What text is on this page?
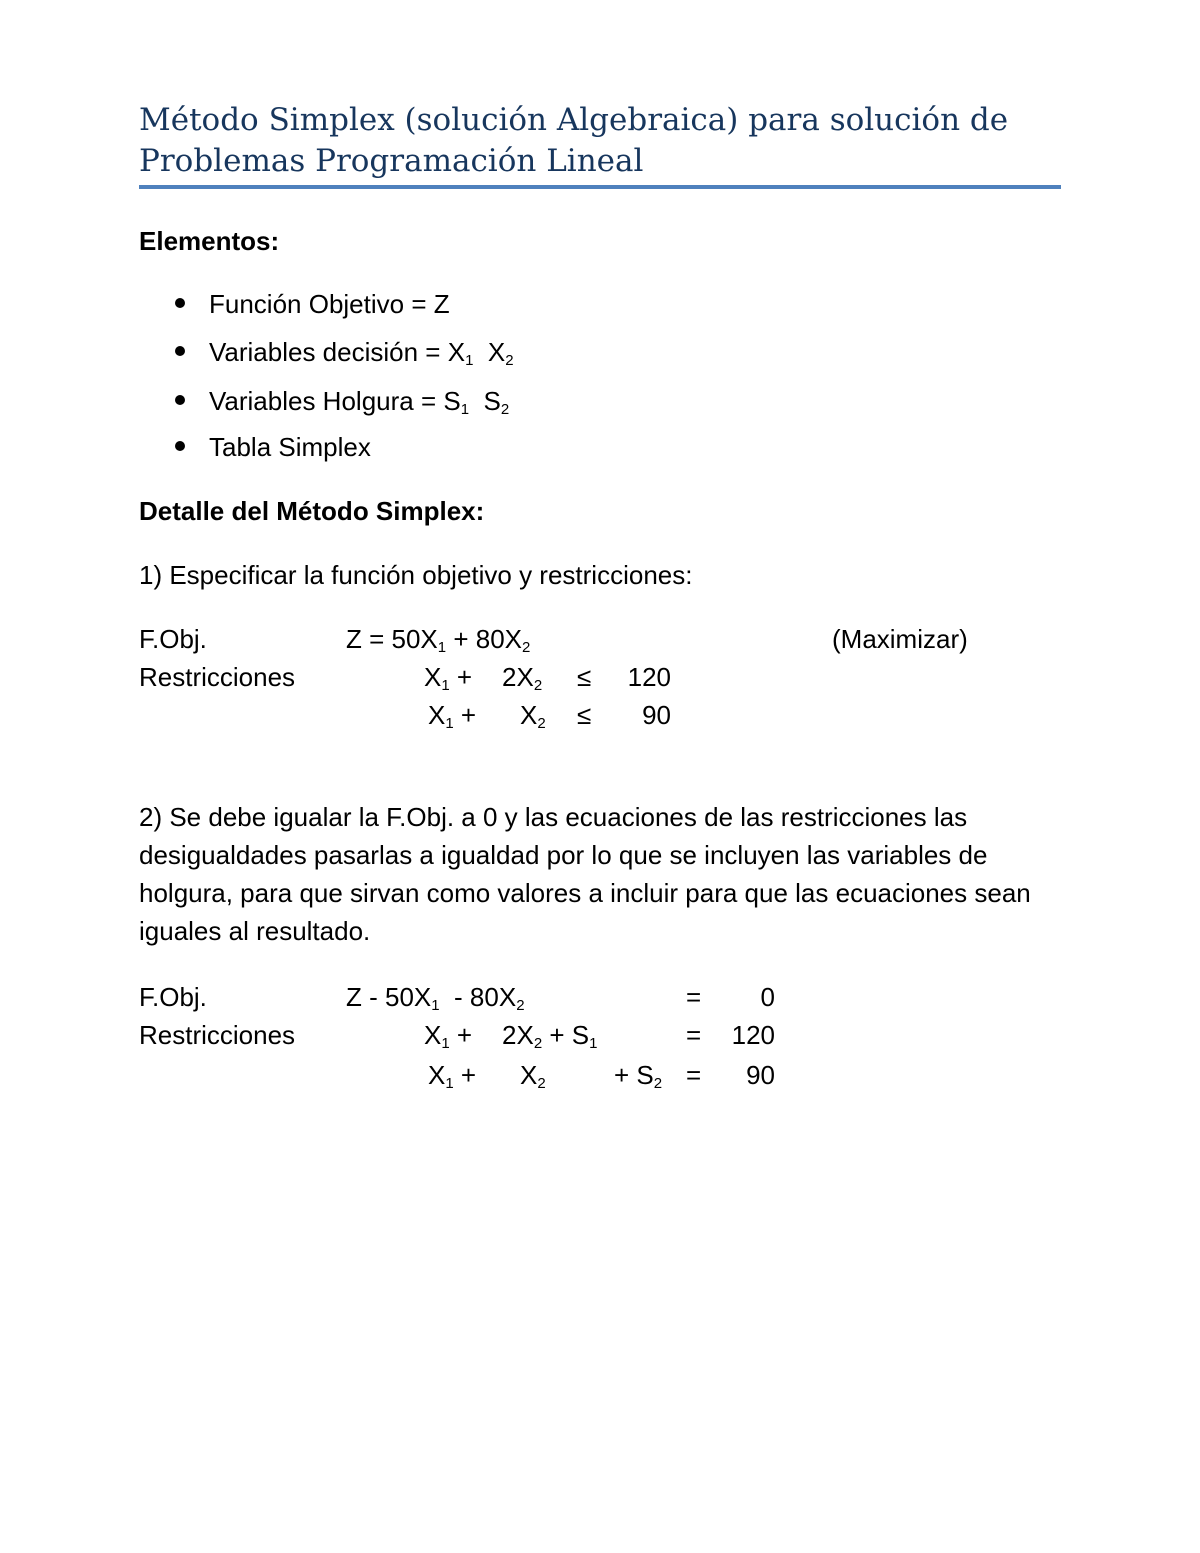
Método Simplex (solución Algebraica) para solución de
Problemas Programación Lineal

Elementos:

Función Objetivo = Z

Variables decisión = $X_1$ $X_2$

Variables Holgura = $S_1$ $S_2$

Tabla Simplex

Detalle del Método Simplex:

1) Especificar la función objetivo y restricciones:

F.Obj.	$Z = 50X_1 + 80X_2$	(Maximizar)

Restricciones	$X_1 + 2X_2$ ≤	120

$X_1 + X_2$ ≤	90

2) Se debe igualar la F.Obj. a 0 y las ecuaciones de las restricciones las desigualdades pasarlas a igualdad por lo que se incluyen las variables de holgura, para que sirvan como valores a incluir para que las ecuaciones sean iguales al resultado.

F.Obj.	Z - $50X_1 - 80X_2$	=	0

Restricciones	$X_1 + 2X_2 + S_1$	=	120

$X_1 + X_2$	+ $S_2$ =	90
